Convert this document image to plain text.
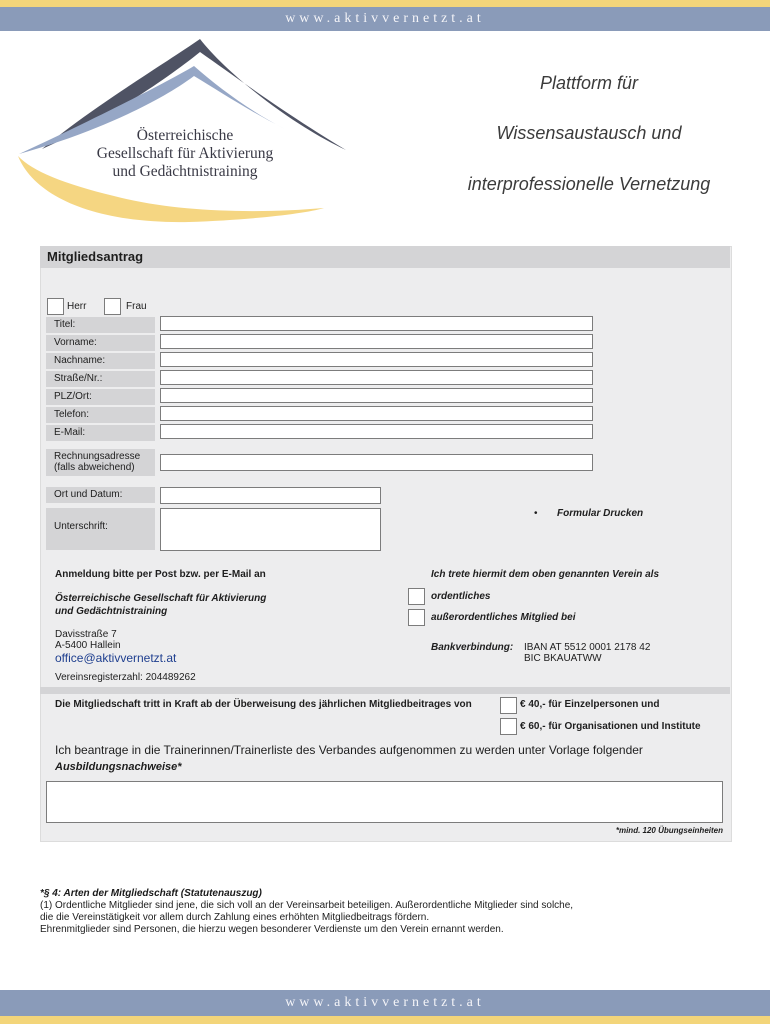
www.aktivvernetzt.at
Österreichische
Gesellschaft für Aktivierung
und Gedächtnistraining
Plattform für
Wissensaustausch und
interprofessionelle Vernetzung
Mitgliedsantrag
Herr	Frau
Titel:
Vorname:
Nachname:
Straße/Nr.:
PLZ/Ort:
Telefon:
E-Mail:
Rechnungsadresse
(falls abweichend)
Ort und Datum:
Unterschrift:
• Formular Drucken
Anmeldung bitte per Post bzw. per E-Mail an
Österreichische Gesellschaft für Aktivierung
und Gedächtnistraining
Davisstraße 7
A-5400 Hallein
office@aktivvernetzt.at
Vereinsregisterzahl: 204489262
Ich trete hiermit dem oben genannten Verein als
ordentliches
außerordentliches Mitglied bei
Bankverbindung: IBAN AT 5512 0001 2178 42
BIC BKAUATWW
Die Mitgliedschaft tritt in Kraft ab der Überweisung des jährlichen Mitgliedbeitrages von	€ 40,- für Einzelpersonen und
€ 60,- für Organisationen und Institute
Ich beantrage in die Trainerinnen/Trainerliste des Verbandes aufgenommen zu werden unter Vorlage folgender
Ausbildungsnachweise*
*mind. 120 Übungseinheiten
*§ 4: Arten der Mitgliedschaft (Statutenauszug)
(1) Ordentliche Mitglieder sind jene, die sich voll an der Vereinsarbeit beteiligen. Außerordentliche Mitglieder sind solche,
die die Vereinstätigkeit vor allem durch Zahlung eines erhöhten Mitgliedbeitrags fördern.
Ehrenmitglieder sind Personen, die hierzu wegen besonderer Verdienste um den Verein ernannt werden.
www.aktivvernetzt.at
